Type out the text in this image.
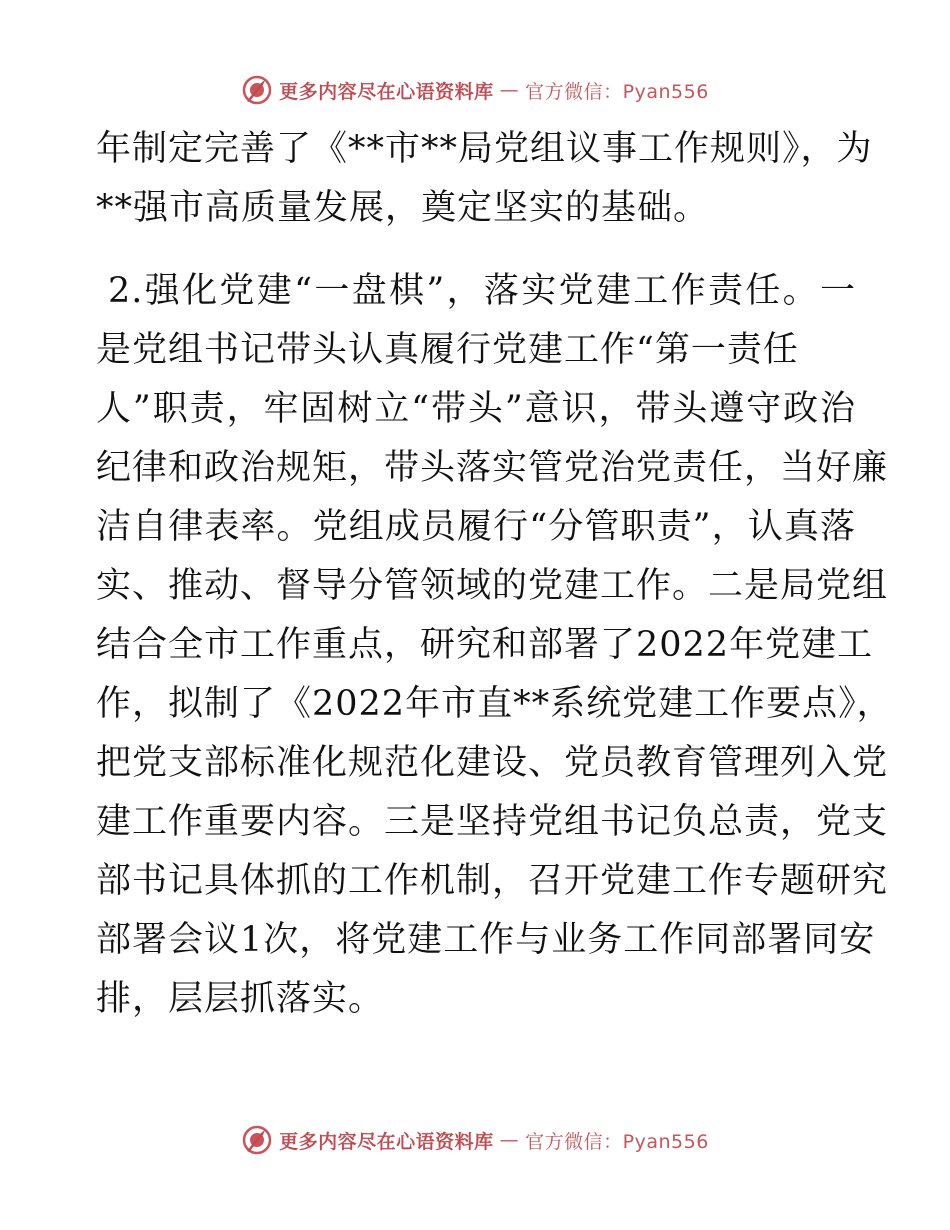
更多内容尽在心语资料库 — 官方微信：Pyan556
年制定完善了《**市**局党组议事工作规则》，为
**强市高质量发展，奠定坚实的基础。
2.强化党建“一盘棋”，落实党建工作责任。一
是党组书记带头认真履行党建工作“第一责任
人”职责，牢固树立“带头”意识，带头遵守政治
纪律和政治规矩，带头落实管党治党责任，当好廉
洁自律表率。党组成员履行“分管职责”，认真落
实、推动、督导分管领域的党建工作。二是局党组
结合全市工作重点，研究和部署了2022年党建工
作，拟制了《2022年市直**系统党建工作要点》，
把党支部标准化规范化建设、党员教育管理列入党
建工作重要内容。三是坚持党组书记负总责，党支
部书记具体抓的工作机制，召开党建工作专题研究
部署会议1次，将党建工作与业务工作同部署同安
排，层层抓落实。
更多内容尽在心语资料库 — 官方微信：Pyan556
